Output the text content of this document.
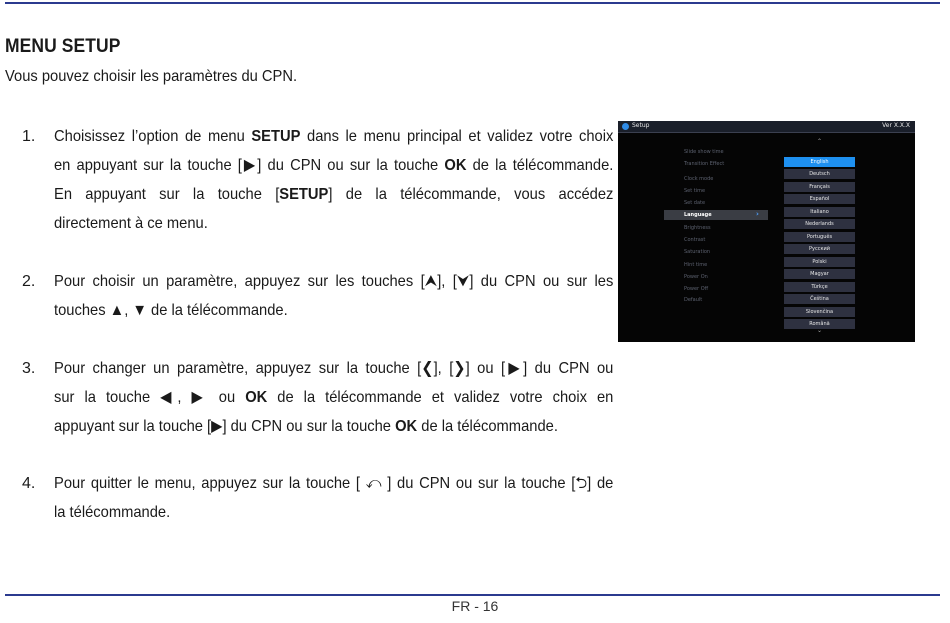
MENU SETUP
Vous pouvez choisir les paramètres du CPN.
1. Choisissez l’option de menu SETUP dans le menu principal et validez votre choix
en appuyant sur la touche [▶] du CPN ou sur la touche OK de la télécommande.
En appuyant sur la touche [SETUP] de la télécommande, vous accédez
directement à ce menu.
2. Pour choisir un paramètre, appuyez sur les touches [⮝], [⮟] du CPN ou sur les
touches ▲, ▼ de la télécommande.
3. Pour changer un paramètre, appuyez sur la touche [❮], [❯] ou [▶] du CPN ou
sur la touche ◀, ▶ ou OK de la télécommande et validez votre choix en
appuyant sur la touche [▶] du CPN ou sur la touche OK de la télécommande.
4. Pour quitter le menu, appuyez sur la touche [ ⤺ ] du CPN ou sur la touche [⮌] de
la télécommande.
Setup	Ver X.X.X
Slide show time
Transition Effect
Clock mode
Set time
Set date
Language	›
Brightness
Contrast
Saturation
Hint time
Power On
Power Off
Default
⌃
English
Deutsch
Français
Español
Italiano
Nederlands
Português
Русский
Polski
Magyar
Türkçe
Čeština
Slovenčina
Română
⌄
FR - 16
